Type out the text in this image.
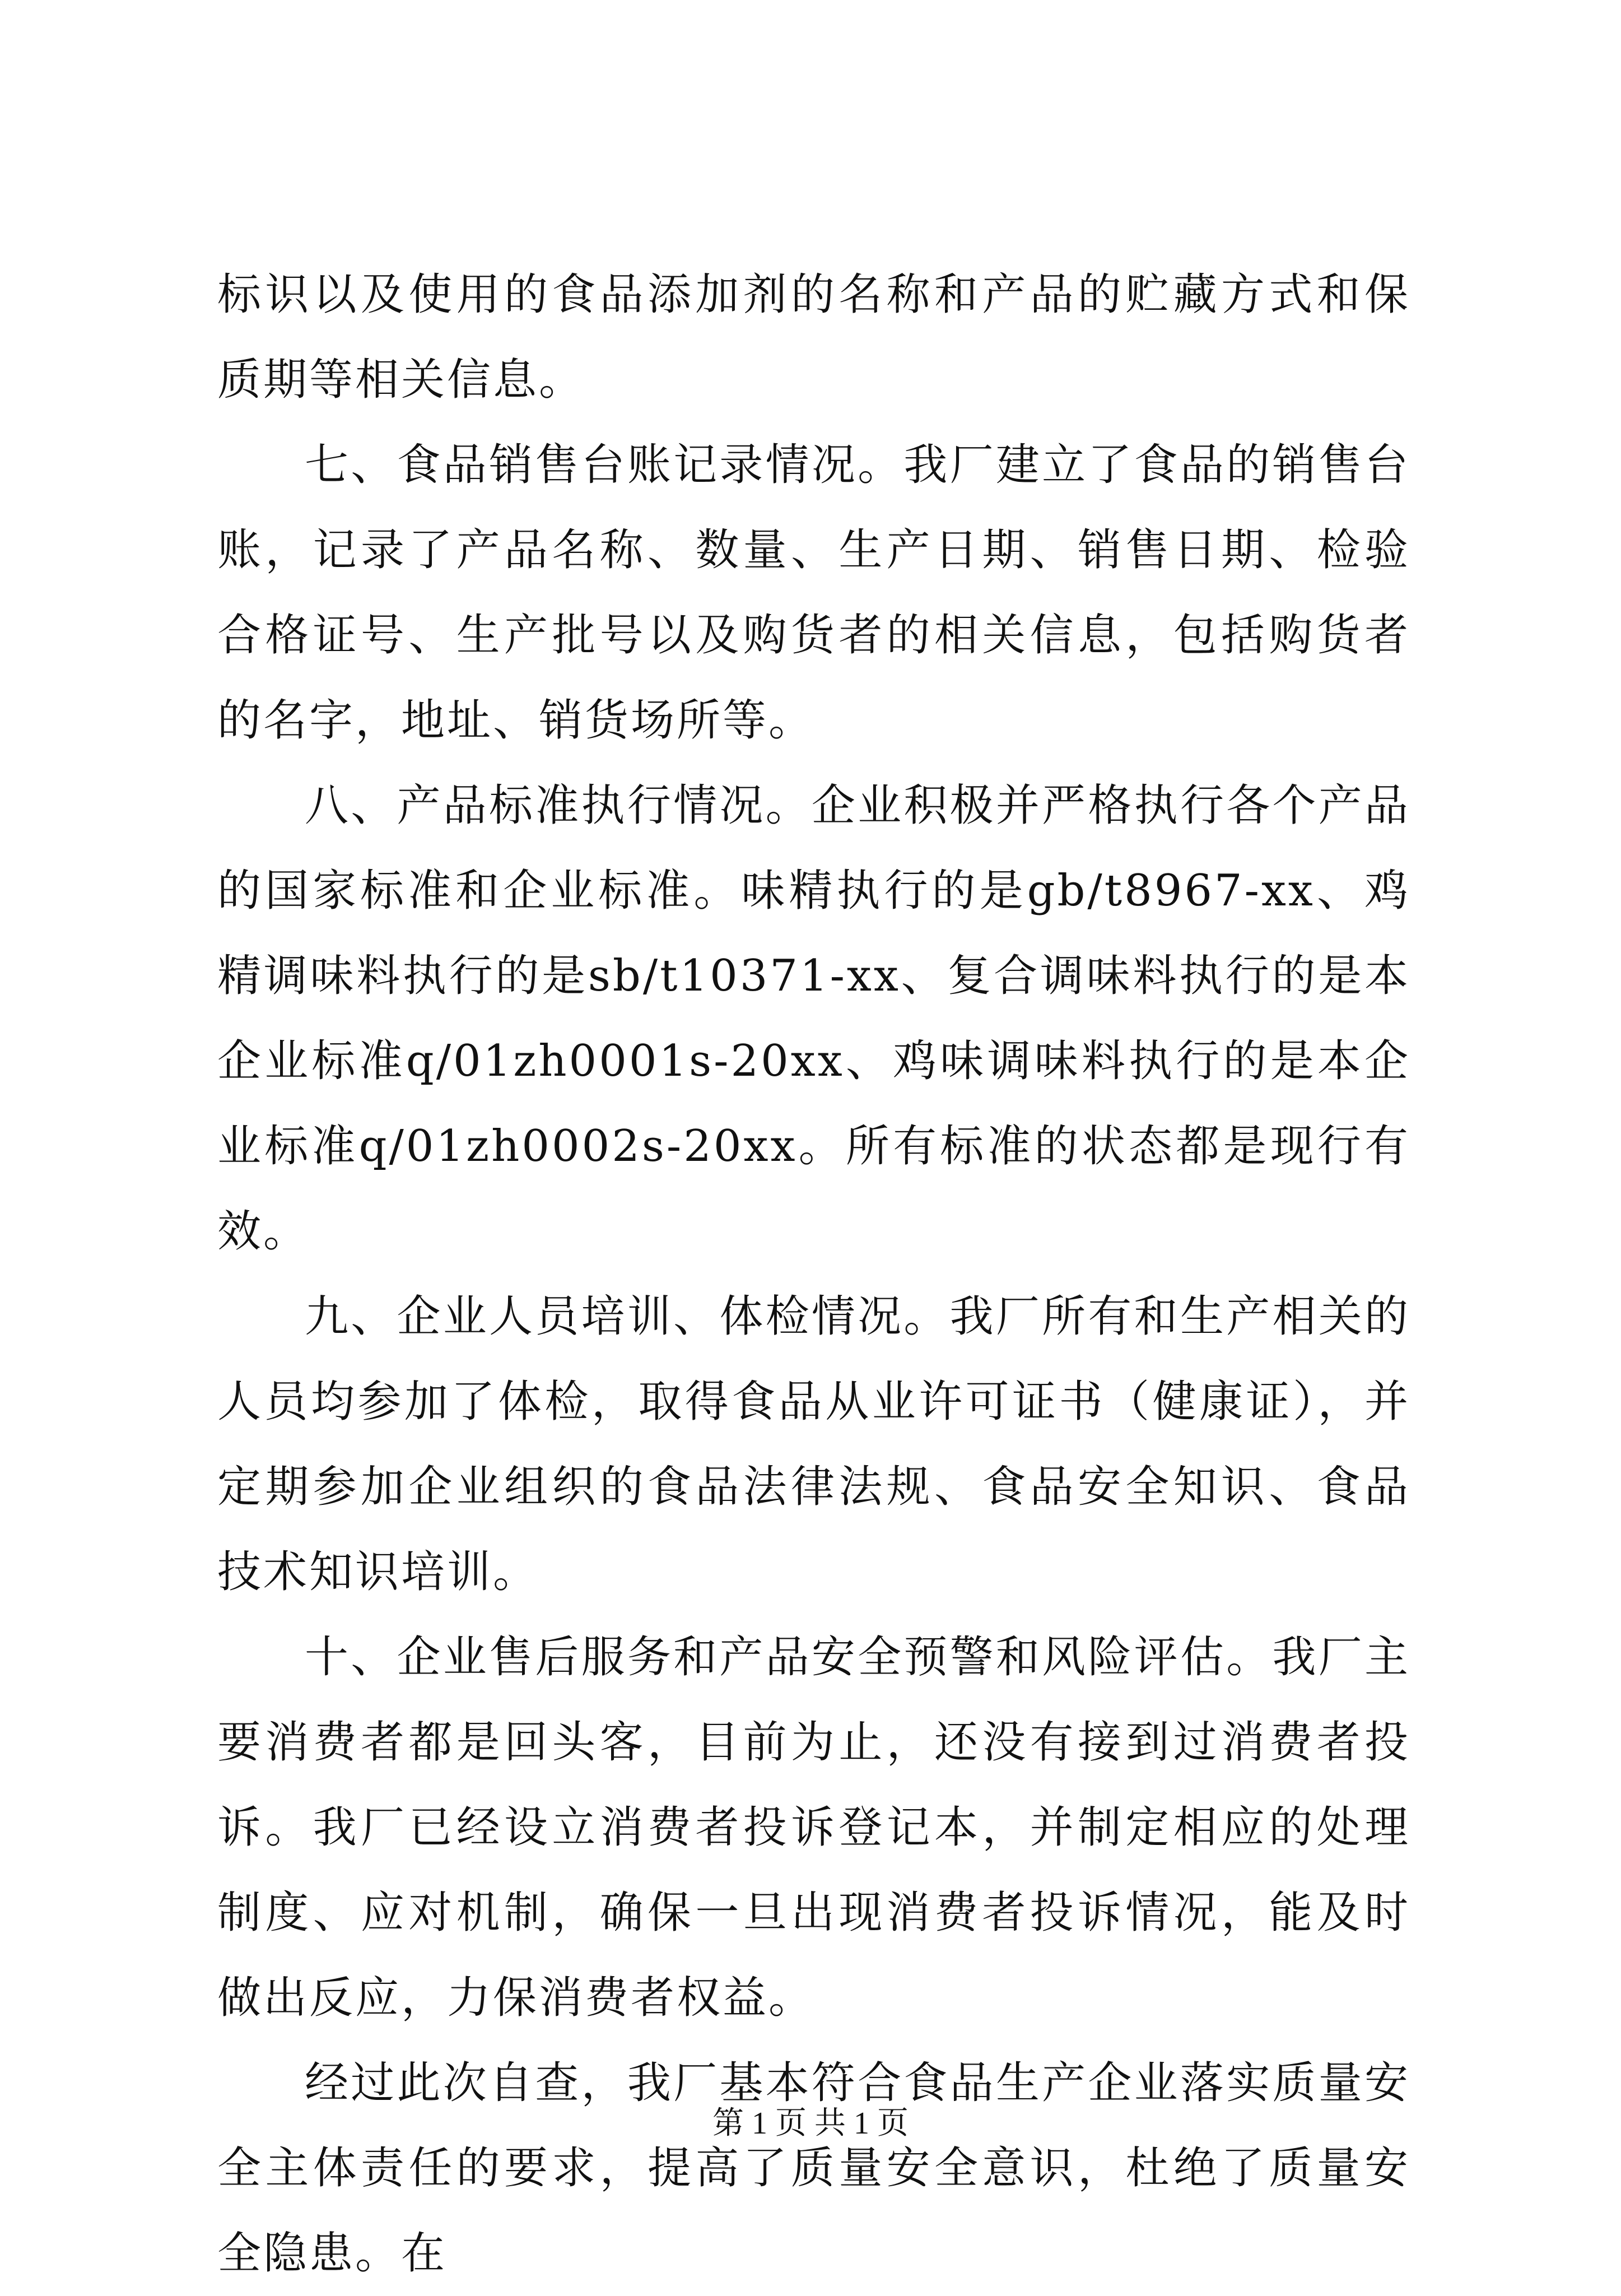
标识以及使用的食品添加剂的名称和产品的贮藏方式和保质期等相关信息。

七、食品销售台账记录情况。我厂建立了食品的销售台账，记录了产品名称、数量、生产日期、销售日期、检验合格证号、生产批号以及购货者的相关信息，包括购货者的名字，地址、销货场所等。

八、产品标准执行情况。企业积极并严格执行各个产品的国家标准和企业标准。味精执行的是gb/t8967-xx、鸡精调味料执行的是sb/t10371-xx、复合调味料执行的是本企业标准q/01zh0001s-20xx、鸡味调味料执行的是本企业标准q/01zh0002s-20xx。所有标准的状态都是现行有效。

九、企业人员培训、体检情况。我厂所有和生产相关的人员均参加了体检，取得食品从业许可证书（健康证），并定期参加企业组织的食品法律法规、食品安全知识、食品技术知识培训。

十、企业售后服务和产品安全预警和风险评估。我厂主要消费者都是回头客，目前为止，还没有接到过消费者投诉。我厂已经设立消费者投诉登记本，并制定相应的处理制度、应对机制，确保一旦出现消费者投诉情况，能及时做出反应，力保消费者权益。

经过此次自查，我厂基本符合食品生产企业落实质量安全主体责任的要求，提高了质量安全意识，杜绝了质量安全隐患。在

第 1 页 共 1 页
